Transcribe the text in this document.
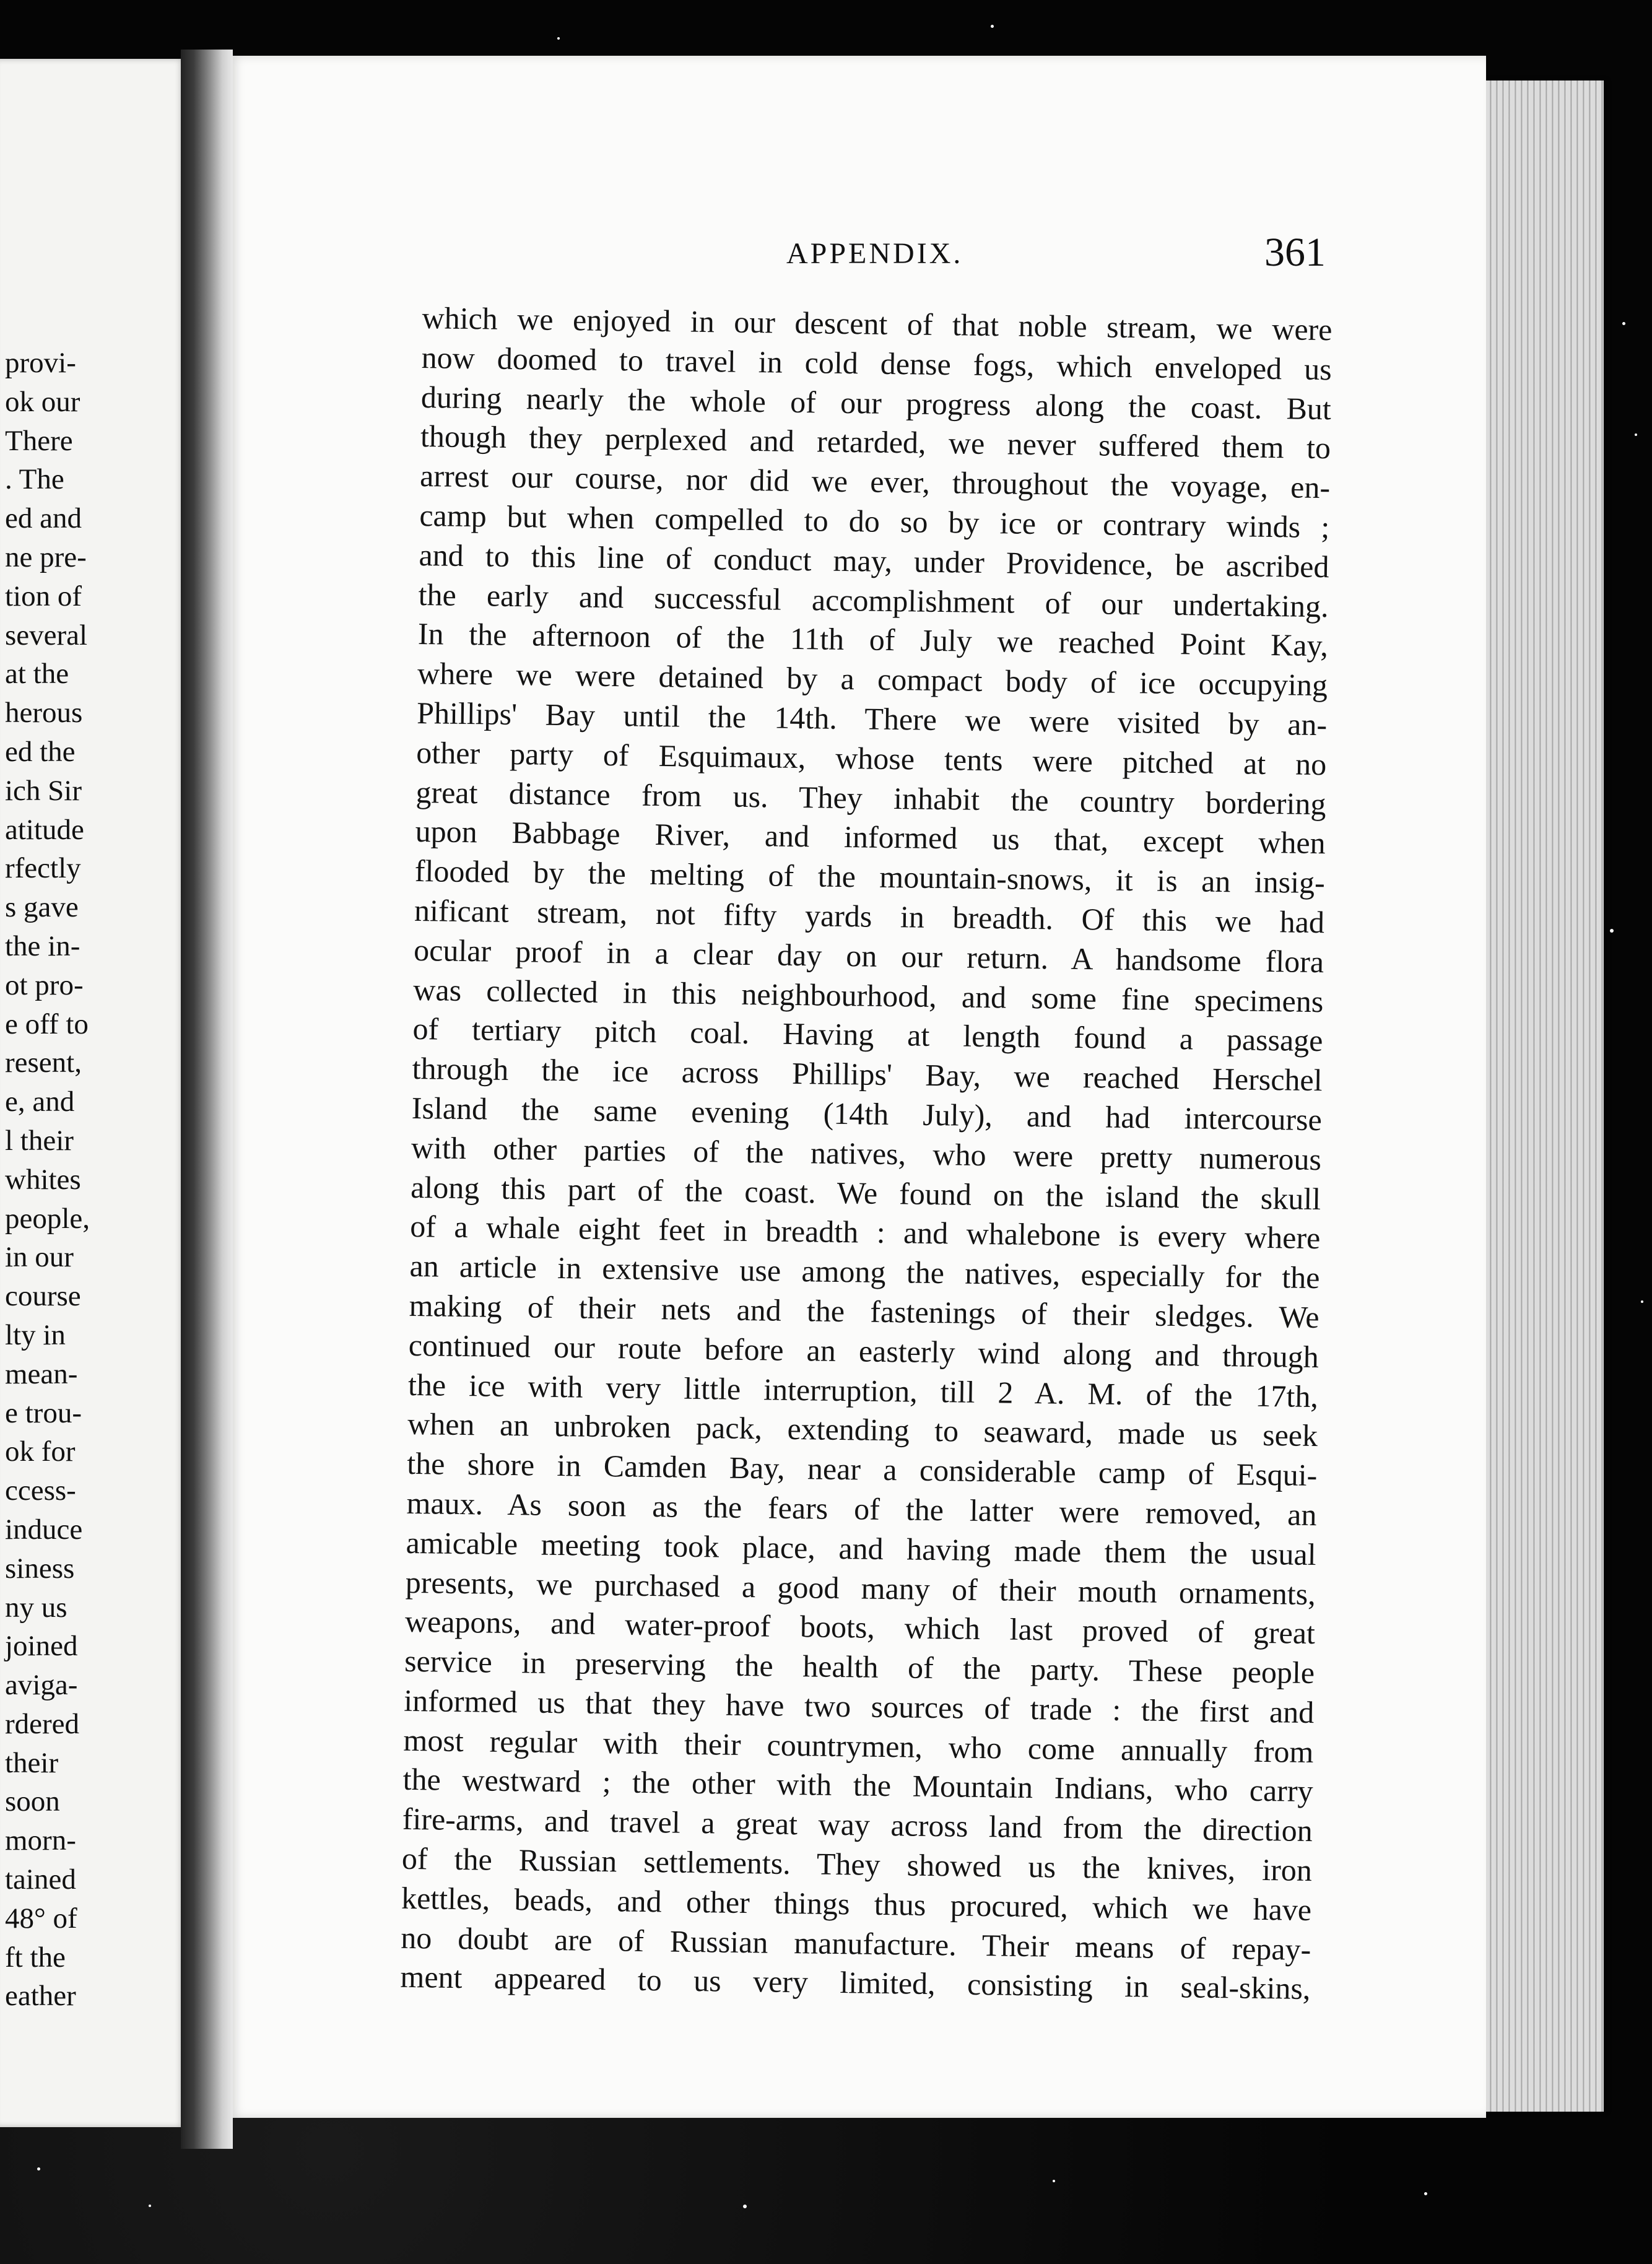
provi-
ok our
There
. The
ed and
ne pre-
tion of
several
at the
herous
ed the
ich Sir
atitude
rfectly
s gave
the in-
ot pro-
e off to
resent,
e, and
l their
whites
people,
in our
course
lty in
mean-
e trou-
ok for
ccess-
induce
siness
ny us
joined
aviga-
rdered
their
soon
morn-
tained
48° of
ft the
eather
APPENDIX.	361
which we enjoyed in our descent of that noble stream, we were
now doomed to travel in cold dense fogs, which enveloped us
during nearly the whole of our progress along the coast. But
though they perplexed and retarded, we never suffered them to
arrest our course, nor did we ever, throughout the voyage, en-
camp but when compelled to do so by ice or contrary winds ;
and to this line of conduct may, under Providence, be ascribed
the early and successful accomplishment of our undertaking.
In the afternoon of the 11th of July we reached Point Kay,
where we were detained by a compact body of ice occupying
Phillips' Bay until the 14th. There we were visited by an-
other party of Esquimaux, whose tents were pitched at no
great distance from us. They inhabit the country bordering
upon Babbage River, and informed us that, except when
flooded by the melting of the mountain-snows, it is an insig-
nificant stream, not fifty yards in breadth. Of this we had
ocular proof in a clear day on our return. A handsome flora
was collected in this neighbourhood, and some fine specimens
of tertiary pitch coal. Having at length found a passage
through the ice across Phillips' Bay, we reached Herschel
Island the same evening (14th July), and had intercourse
with other parties of the natives, who were pretty numerous
along this part of the coast. We found on the island the skull
of a whale eight feet in breadth : and whalebone is every where
an article in extensive use among the natives, especially for the
making of their nets and the fastenings of their sledges. We
continued our route before an easterly wind along and through
the ice with very little interruption, till 2 A. M. of the 17th,
when an unbroken pack, extending to seaward, made us seek
the shore in Camden Bay, near a considerable camp of Esqui-
maux. As soon as the fears of the latter were removed, an
amicable meeting took place, and having made them the usual
presents, we purchased a good many of their mouth ornaments,
weapons, and water-proof boots, which last proved of great
service in preserving the health of the party. These people
informed us that they have two sources of trade : the first and
most regular with their countrymen, who come annually from
the westward ; the other with the Mountain Indians, who carry
fire-arms, and travel a great way across land from the direction
of the Russian settlements. They showed us the knives, iron
kettles, beads, and other things thus procured, which we have
no doubt are of Russian manufacture. Their means of repay-
ment appeared to us very limited, consisting in seal-skins,
